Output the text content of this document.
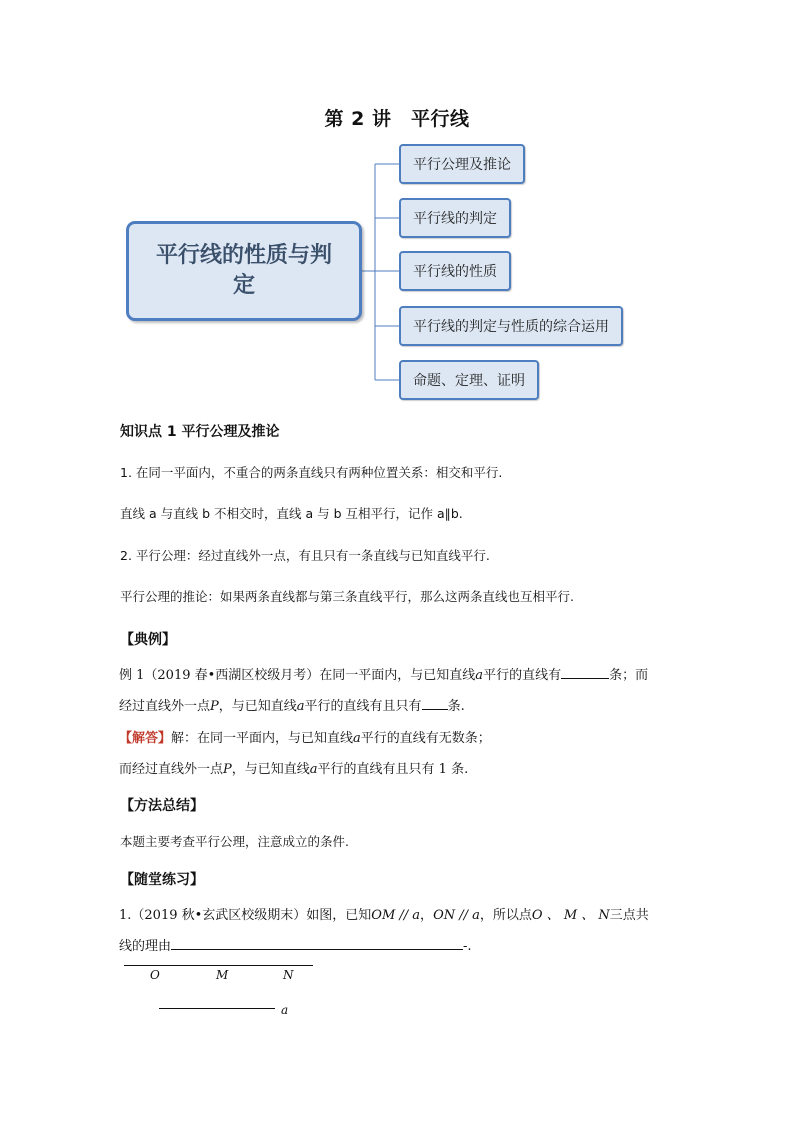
第 2 讲　平行线
平行线的性质与判定
平行公理及推论
平行线的判定
平行线的性质
平行线的判定与性质的综合运用
命题、定理、证明
知识点 1 平行公理及推论
1. 在同一平面内，不重合的两条直线只有两种位置关系：相交和平行.
直线 a 与直线 b 不相交时，直线 a 与 b 互相平行，记作 a∥b.
2. 平行公理：经过直线外一点，有且只有一条直线与已知直线平行.
平行公理的推论：如果两条直线都与第三条直线平行，那么这两条直线也互相平行.
【典例】
例 1（2019 春•西湖区校级月考）在同一平面内，与已知直线a平行的直线有	条；而
经过直线外一点P，与已知直线a平行的直线有且只有 条.
【解答】解：在同一平面内，与已知直线a平行的直线有无数条；
而经过直线外一点P，与已知直线a平行的直线有且只有 1 条.
【方法总结】
本题主要考查平行公理，注意成立的条件.
【随堂练习】
1.（2019 秋•玄武区校级期末）如图，已知OM // a，ON // a，所以点O 、 M 、 N三点共
线的理由	-.
O	M	N
a
